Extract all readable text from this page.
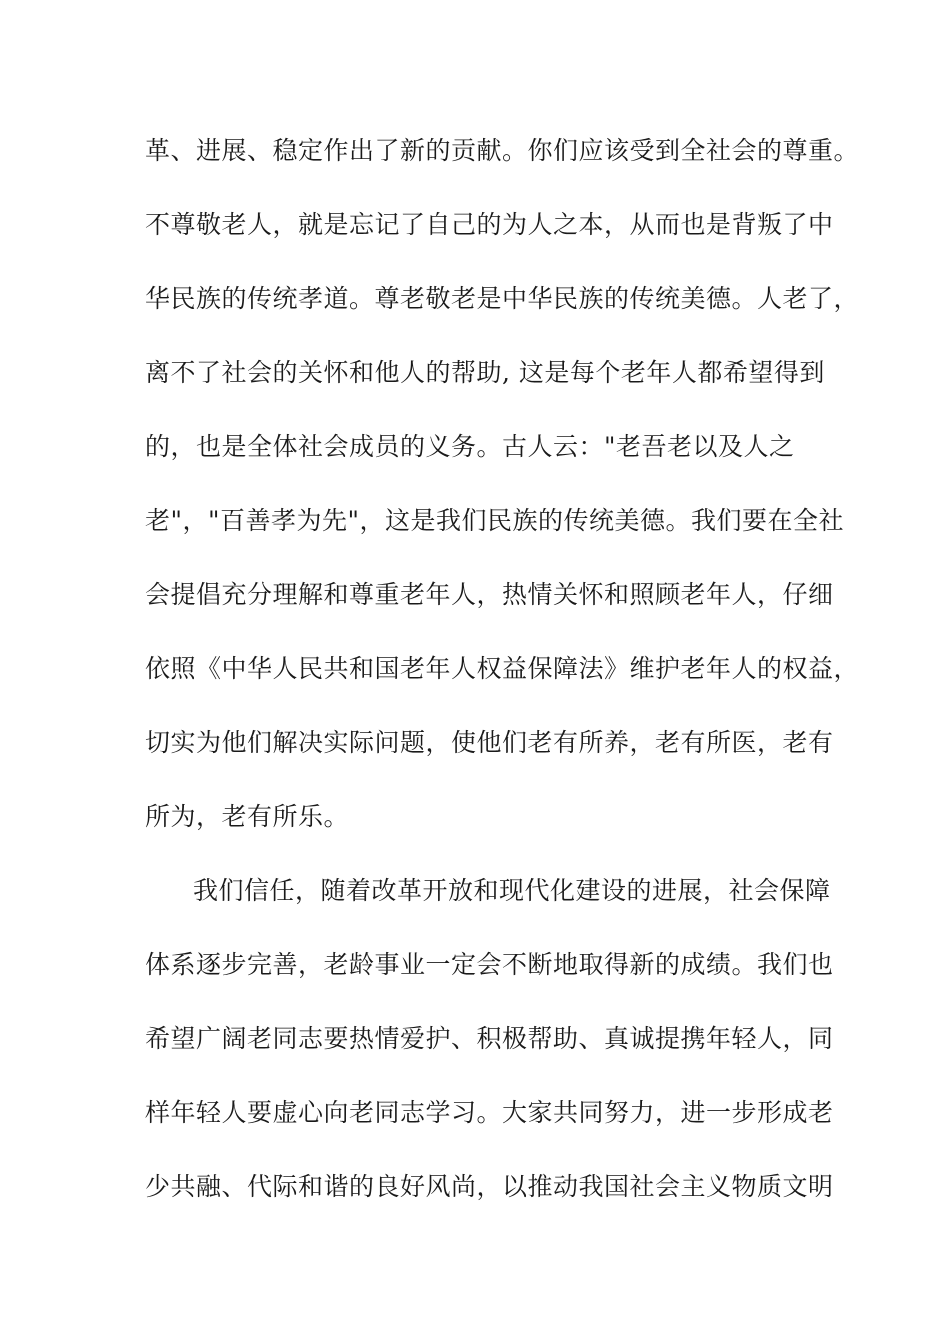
革、进展、稳定作出了新的贡献。你们应该受到全社会的尊重。
不尊敬老人，就是忘记了自己的为人之本，从而也是背叛了中
华民族的传统孝道。尊老敬老是中华民族的传统美德。人老了，
离不了社会的关怀和他人的帮助, 这是每个老年人都希望得到
的，也是全体社会成员的义务。古人云："老吾老以及人之
老"，"百善孝为先"，这是我们民族的传统美德。我们要在全社
会提倡充分理解和尊重老年人，热情关怀和照顾老年人，仔细
依照《中华人民共和国老年人权益保障法》维护老年人的权益，
切实为他们解决实际问题，使他们老有所养，老有所医，老有
所为，老有所乐。
我们信任，随着改革开放和现代化建设的进展，社会保障
体系逐步完善，老龄事业一定会不断地取得新的成绩。我们也
希望广阔老同志要热情爱护、积极帮助、真诚提携年轻人，同
样年轻人要虚心向老同志学习。大家共同努力，进一步形成老
少共融、代际和谐的良好风尚，以推动我国社会主义物质文明
